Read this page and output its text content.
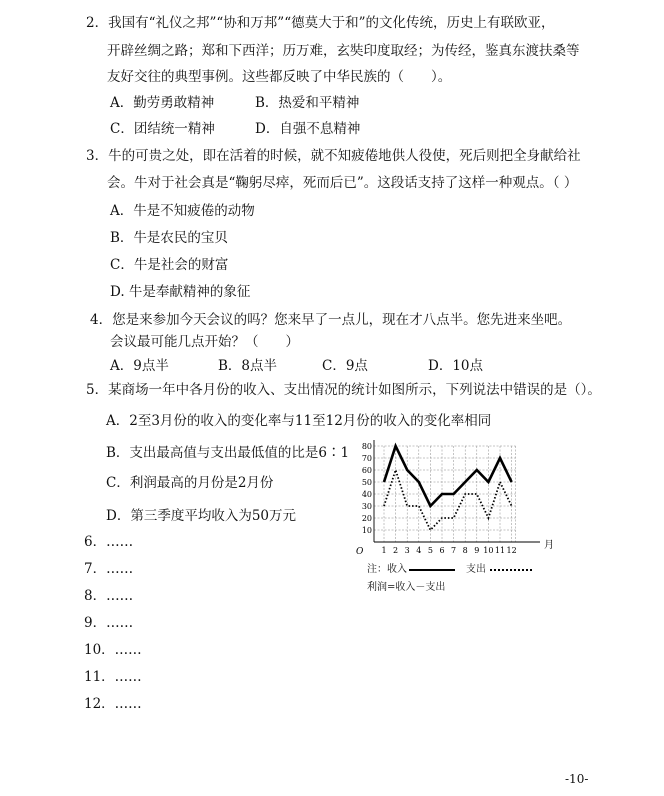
2．我国有“礼仪之邦”“协和万邦”“德莫大于和”的文化传统，历史上有联欧亚，
开辟丝绸之路；郑和下西洋；历万难，玄奘印度取经；为传经，鉴真东渡扶桑等
友好交往的典型事例。这些都反映了中华民族的（　　）。
A．勤劳勇敢精神	B．热爱和平精神
C．团结统一精神	D．自强不息精神
3．牛的可贵之处，即在活着的时候，就不知疲倦地供人役使，死后则把全身献给社
会。牛对于社会真是“鞠躬尽瘁，死而后已”。这段话支持了这样一种观点。（ ）
A．牛是不知疲倦的动物
B．牛是农民的宝贝
C．牛是社会的财富
D. 牛是奉献精神的象征
4．您是来参加今天会议的吗？您来早了一点儿，现在才八点半。您先进来坐吧。
会议最可能几点开始？（　　）
A．9点半	B．8点半	C．9点	D．10点
5．某商场一年中各月份的收入、支出情况的统计如图所示，下列说法中错误的是（）。
A．2至3月份的收入的变化率与11至12月份的收入的变化率相同
B．支出最高值与支出最低值的比是6∶1
C．利润最高的月份是2月份
D．第三季度平均收入为50万元
10
20
30
40
50
60
70
80
1 2 3 4 5 6 7 8 9 10 11 12	月
O
注：收入	支出
利润=收入－支出
6．……
7．……
8．……
9．……
10．……
11．……
12．……
-10-
